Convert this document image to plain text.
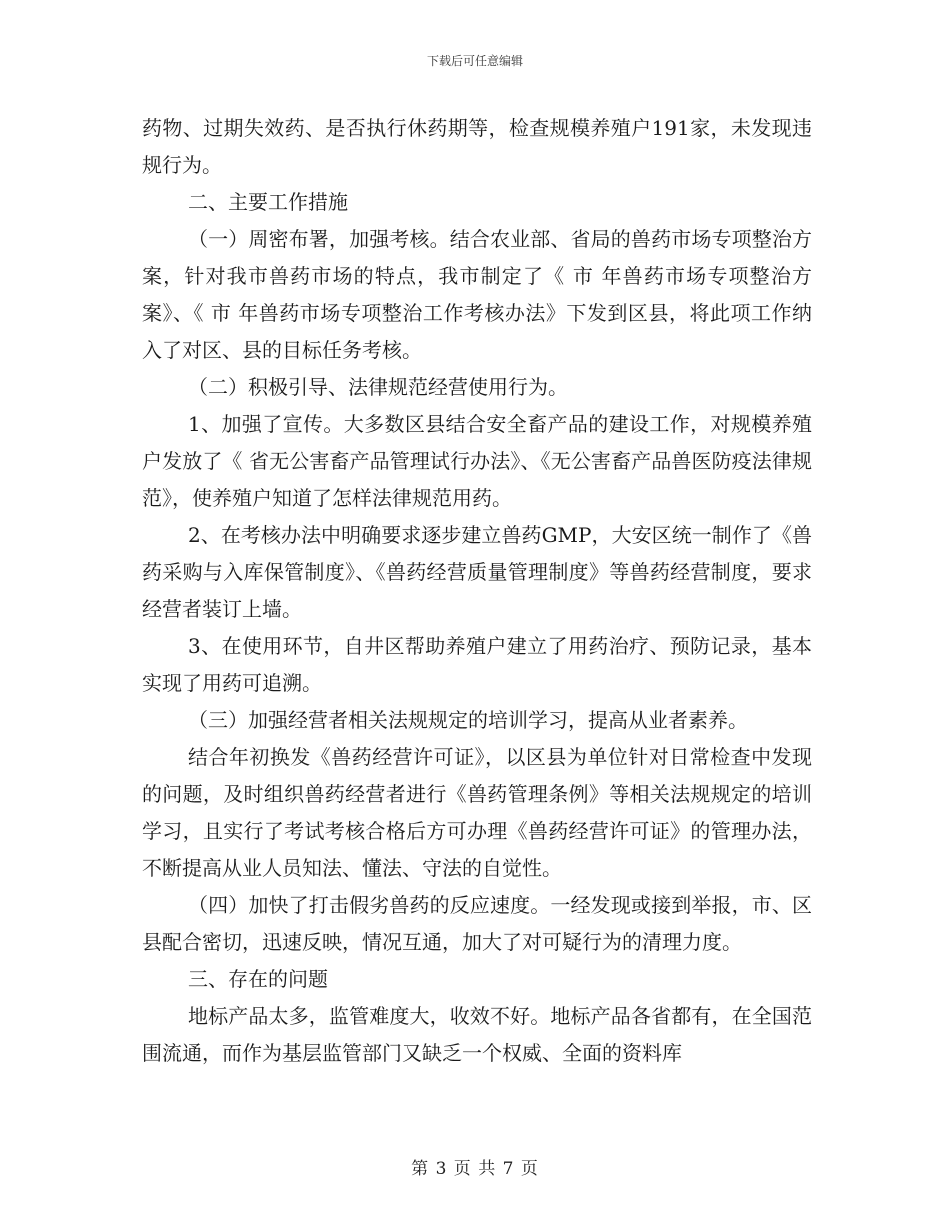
下载后可任意编辑

药物、过期失效药、是否执行休药期等，检查规模养殖户191家，未发现违规行为。

二、主要工作措施

（一）周密布署，加强考核。结合农业部、省局的兽药市场专项整治方案，针对我市兽药市场的特点，我市制定了《 市 年兽药市场专项整治方案》、《 市 年兽药市场专项整治工作考核办法》下发到区县，将此项工作纳入了对区、县的目标任务考核。

（二）积极引导、法律规范经营使用行为。

1、加强了宣传。大多数区县结合安全畜产品的建设工作，对规模养殖户发放了《 省无公害畜产品管理试行办法》、《无公害畜产品兽医防疫法律规范》，使养殖户知道了怎样法律规范用药。

2、在考核办法中明确要求逐步建立兽药GMP，大安区统一制作了《兽药采购与入库保管制度》、《兽药经营质量管理制度》等兽药经营制度，要求经营者装订上墙。

3、在使用环节，自井区帮助养殖户建立了用药治疗、预防记录，基本实现了用药可追溯。

（三）加强经营者相关法规规定的培训学习，提高从业者素养。

结合年初换发《兽药经营许可证》，以区县为单位针对日常检查中发现的问题，及时组织兽药经营者进行《兽药管理条例》等相关法规规定的培训学习，且实行了考试考核合格后方可办理《兽药经营许可证》的管理办法，不断提高从业人员知法、懂法、守法的自觉性。

（四）加快了打击假劣兽药的反应速度。一经发现或接到举报，市、区县配合密切，迅速反映，情况互通，加大了对可疑行为的清理力度。

三、存在的问题

地标产品太多，监管难度大，收效不好。地标产品各省都有，在全国范围流通，而作为基层监管部门又缺乏一个权威、全面的资料库

第 3 页 共 7 页
